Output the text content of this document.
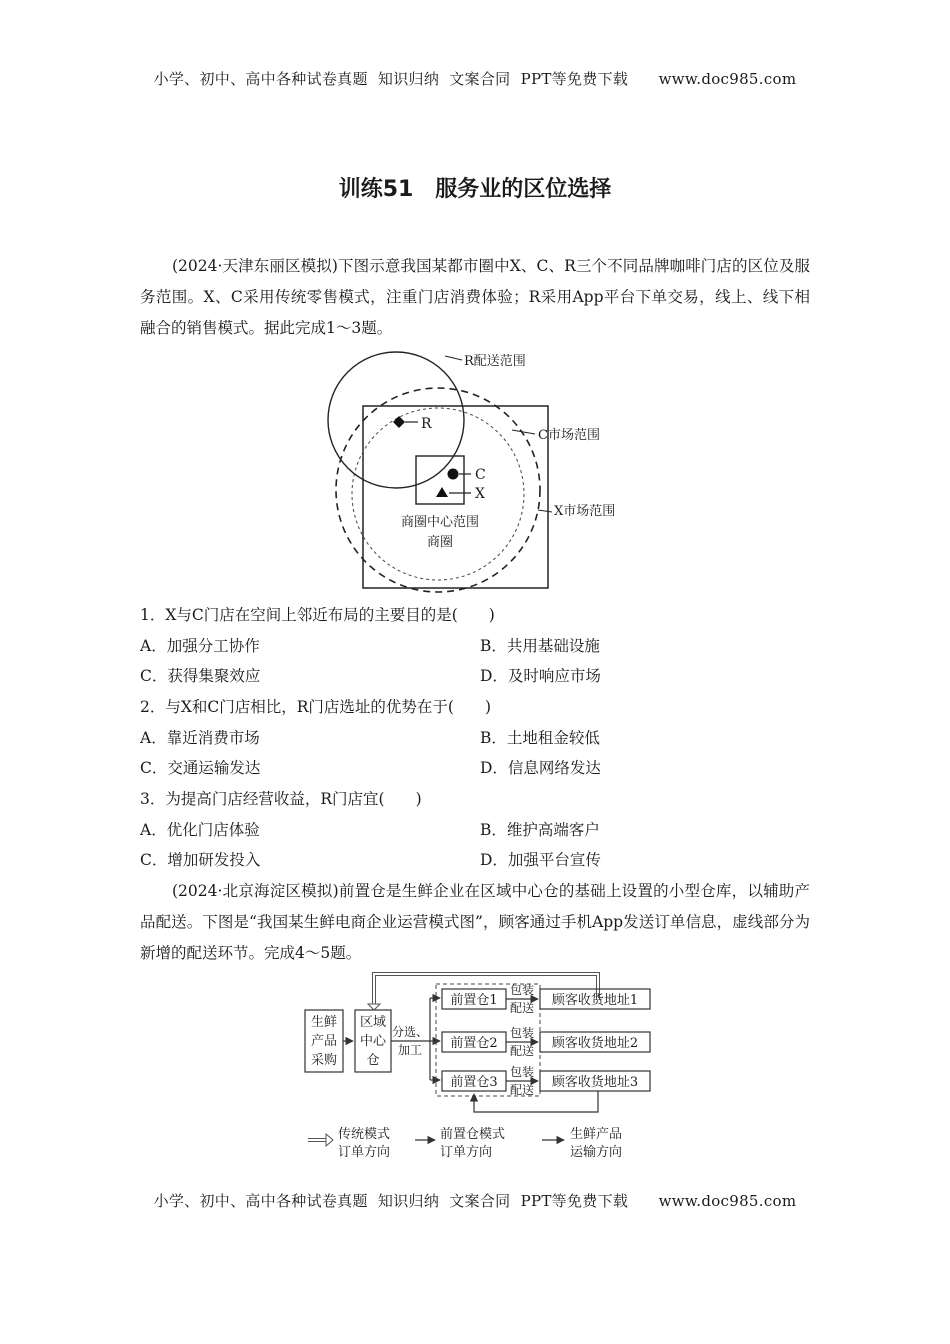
小学、初中、高中各种试卷真题  知识归纳  文案合同  PPT等免费下载 www.doc985.com
训练51　服务业的区位选择
(2024·天津东丽区模拟)下图示意我国某都市圈中X、C、R三个不同品牌咖啡门店的区位及服务范围。X、C采用传统零售模式，注重门店消费体验；R采用App平台下单交易，线上、线下相融合的销售模式。据此完成1～3题。
R
C
X
R配送范围
C市场范围
X市场范围
商圈中心范围
商圈
1．X与C门店在空间上邻近布局的主要目的是(　　)
A．加强分工协作	B．共用基础设施
C．获得集聚效应	D．及时响应市场
2．与X和C门店相比，R门店选址的优势在于(　　)
A．靠近消费市场	B．土地租金较低
C．交通运输发达	D．信息网络发达
3．为提高门店经营收益，R门店宜(　　)
A．优化门店体验	B．维护高端客户
C．增加研发投入	D．加强平台宣传
(2024·北京海淀区模拟)前置仓是生鲜企业在区域中心仓的基础上设置的小型仓库，以辅助产品配送。下图是“我国某生鲜电商企业运营模式图”，顾客通过手机App发送订单信息，虚线部分为新增的配送环节。完成4～5题。
生鲜
产品
采购
区域
中心
仓
分选、
加工
前置仓1
前置仓2
前置仓3
包装
配送
包装
配送
包装
配送
顾客收货地址1
顾客收货地址2
顾客收货地址3
传统模式
订单方向
前置仓模式
订单方向
生鲜产品
运输方向
小学、初中、高中各种试卷真题  知识归纳  文案合同  PPT等免费下载 www.doc985.com
